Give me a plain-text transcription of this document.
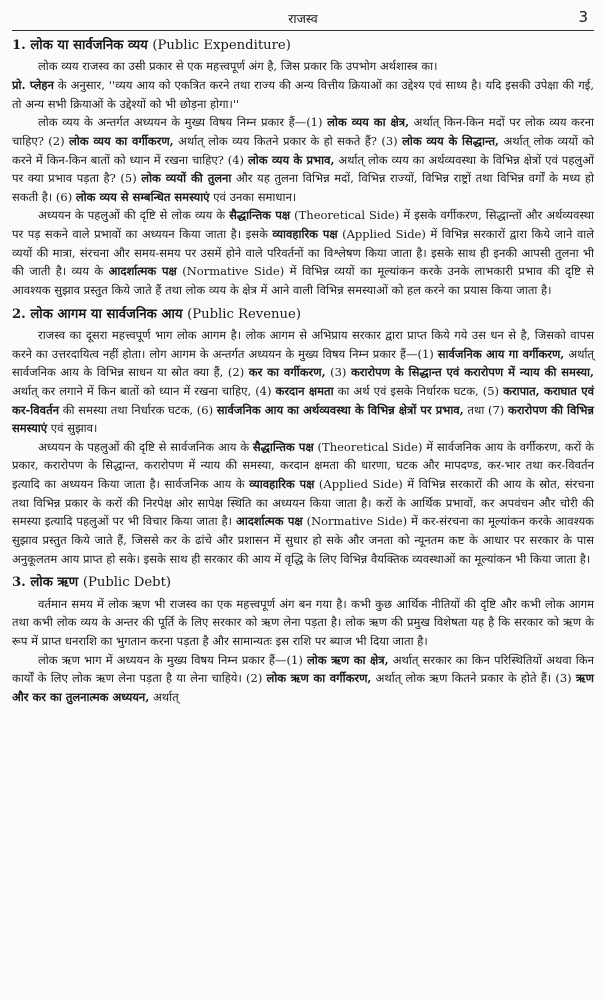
राजस्व	3
1. लोक या सार्वजनिक व्यय (Public Expenditure)

लोक व्यय राजस्व का उसी प्रकार से एक महत्त्वपूर्ण अंग है, जिस प्रकार कि उपभोग अर्थशास्त्र का।

प्रो. प्लेहन के अनुसार, ''व्यय आय को एकत्रित करने तथा राज्य की अन्य वित्तीय क्रियाओं का उद्देश्य एवं साध्य है। यदि इसकी उपेक्षा की गई, तो अन्य सभी क्रियाओं के उद्देश्यों को भी छोड़ना होगा।''

लोक व्यय के अन्तर्गत अध्ययन के मुख्य विषय निम्न प्रकार हैं—(1) लोक व्यय का क्षेत्र, अर्थात् किन-किन मदों पर लोक व्यय करना चाहिए? (2) लोक व्यय का वर्गीकरण, अर्थात् लोक व्यय कितने प्रकार के हो सकते हैं? (3) लोक व्यय के सिद्धान्त, अर्थात् लोक व्ययों को करने में किन-किन बातों को ध्यान में रखना चाहिए? (4) लोक व्यय के प्रभाव, अर्थात् लोक व्यय का अर्थव्यवस्था के विभिन्न क्षेत्रों एवं पहलुओं पर क्या प्रभाव पड़ता है? (5) लोक व्ययों की तुलना और यह तुलना विभिन्न मदों, विभिन्न राज्यों, विभिन्न राष्ट्रों तथा विभिन्न वर्गों के मध्य हो सकती है। (6) लोक व्यय से सम्बन्धित समस्याएं एवं उनका समाधान।

अध्ययन के पहलुओं की दृष्टि से लोक व्यय के सैद्धान्तिक पक्ष (Theoretical Side) में इसके वर्गीकरण, सिद्धान्तों और अर्थव्यवस्था पर पड़ सकने वाले प्रभावों का अध्ययन किया जाता है। इसके व्यावहारिक पक्ष (Applied Side) में विभिन्न सरकारों द्वारा किये जाने वाले व्ययों की मात्रा, संरचना और समय-समय पर उसमें होने वाले परिवर्तनों का विश्लेषण किया जाता है। इसके साथ ही इनकी आपसी तुलना भी की जाती है। व्यय के आदर्शात्मक पक्ष (Normative Side) में विभिन्न व्ययों का मूल्यांकन करके उनके लाभकारी प्रभाव की दृष्टि से आवश्यक सुझाव प्रस्तुत किये जाते हैं तथा लोक व्यय के क्षेत्र में आने वाली विभिन्न समस्याओं को हल करने का प्रयास किया जाता है।

2. लोक आगम या सार्वजनिक आय (Public Revenue)

राजस्व का दूसरा महत्त्वपूर्ण भाग लोक आगम है। लोक आगम से अभिप्राय सरकार द्वारा प्राप्त किये गये उस धन से है, जिसको वापस करने का उत्तरदायित्व नहीं होता। लोग आगम के अन्तर्गत अध्ययन के मुख्य विषय निम्न प्रकार हैं—(1) सार्वजनिक आय गा वर्गीकरण, अर्थात् सार्वजनिक आय के विभिन्न साधन या स्रोत क्या हैं, (2) कर का वर्गीकरण, (3) करारोपण के सिद्धान्त एवं करारोपण में न्याय की समस्या, अर्थात् कर लगाने में किन बातों को ध्यान में रखना चाहिए, (4) करदान क्षमता का अर्थ एवं इसके निर्धारक घटक, (5) करापात, कराघात एवं कर-विवर्तन की समस्या तथा निर्धारक घटक, (6) सार्वजनिक आय का अर्थव्यवस्था के विभिन्न क्षेत्रों पर प्रभाव, तथा (7) करारोपण की विभिन्न समस्याएं एवं सुझाव।

अध्ययन के पहलुओं की दृष्टि से सार्वजनिक आय के सैद्धान्तिक पक्ष (Theoretical Side) में सार्वजनिक आय के वर्गीकरण, करों के प्रकार, करारोपण के सिद्धान्त, करारोपण में न्याय की समस्या, करदान क्षमता की धारणा, घटक और मापदण्ड, कर-भार तथा कर-विवर्तन इत्यादि का अध्ययन किया जाता है। सार्वजनिक आय के व्यावहारिक पक्ष (Applied Side) में विभिन्न सरकारों की आय के स्रोत, संरचना तथा विभिन्न प्रकार के करों की निरपेक्ष ओर सापेक्ष स्थिति का अध्ययन किया जाता है। करों के आर्थिक प्रभावों, कर अपवंचन और चोरी की समस्या इत्यादि पहलुओं पर भी विचार किया जाता है। आदर्शात्मक पक्ष (Normative Side) में कर-संरचना का मूल्यांकन करके आवश्यक सुझाव प्रस्तुत किये जाते हैं, जिससे कर के ढांचे और प्रशासन में सुधार हो सके और जनता को न्यूनतम कष्ट के आधार पर सरकार के पास अनुकूलतम आय प्राप्त हो सके। इसके साथ ही सरकार की आय में वृद्धि के लिए विभिन्न वैयक्तिक व्यवस्थाओं का मूल्यांकन भी किया जाता है।

3. लोक ऋण (Public Debt)

वर्तमान समय में लोक ऋण भी राजस्व का एक महत्त्वपूर्ण अंग बन गया है। कभी कुछ आर्थिक नीतियों की दृष्टि और कभी लोक आगम तथा कभी लोक व्यय के अन्तर की पूर्ति के लिए सरकार को ऋण लेना पड़ता है। लोक ऋण की प्रमुख विशेषता यह है कि सरकार को ऋण के रूप में प्राप्त धनराशि का भुगतान करना पड़ता है और सामान्यतः इस राशि पर ब्याज भी दिया जाता है।

लोक ऋण भाग में अध्ययन के मुख्य विषय निम्न प्रकार हैं—(1) लोक ऋण का क्षेत्र, अर्थात् सरकार का किन परिस्थितियों अथवा किन कार्यों के लिए लोक ऋण लेना पड़ता है या लेना चाहिये। (2) लोक ऋण का वर्गीकरण, अर्थात् लोक ऋण कितने प्रकार के होते हैं। (3) ऋण और कर का तुलनात्मक अध्ययन, अर्थात्
